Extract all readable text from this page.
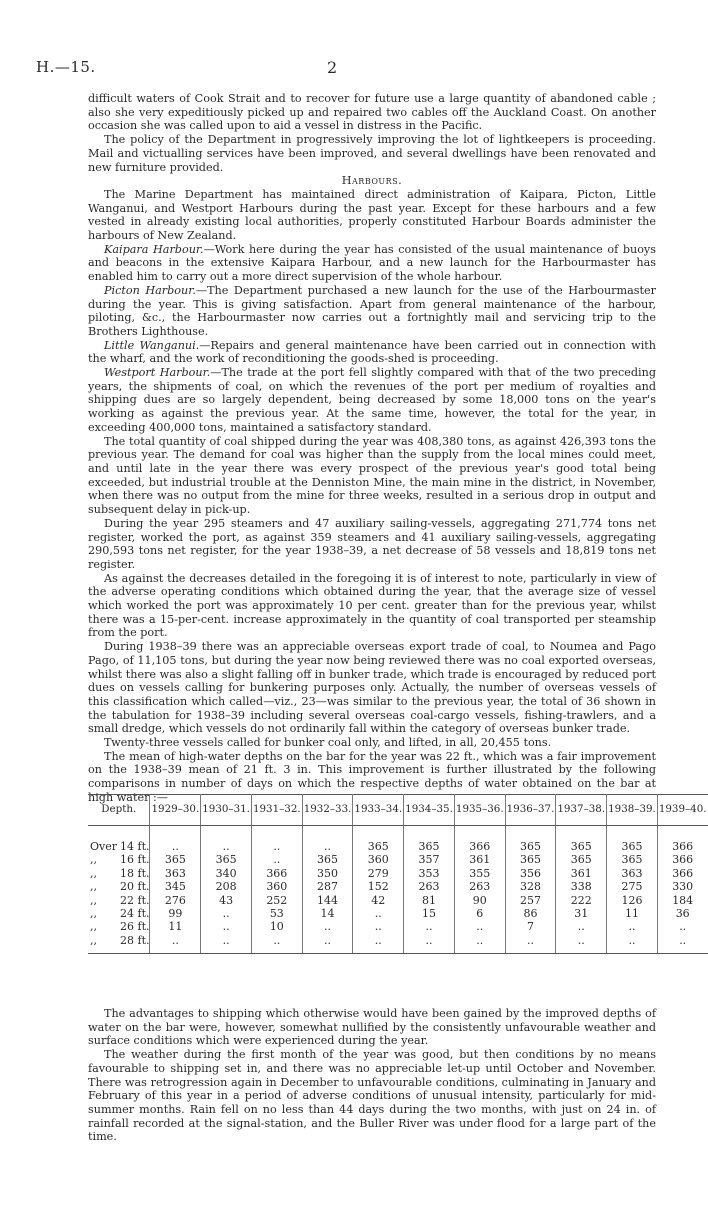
H.—15.	2

difficult waters of Cook Strait and to recover for future use a large quantity of abandoned cable ; also she very expeditiously picked up and repaired two cables off the Auckland Coast. On another occasion she was called upon to aid a vessel in distress in the Pacific.

The policy of the Department in progressively improving the lot of lightkeepers is proceeding. Mail and victualling services have been improved, and several dwellings have been renovated and new furniture provided.

Harbours.

The Marine Department has maintained direct administration of Kaipara, Picton, Little Wanganui, and Westport Harbours during the past year. Except for these harbours and a few vested in already existing local authorities, properly constituted Harbour Boards administer the harbours of New Zealand.

Kaipara Harbour.—Work here during the year has consisted of the usual maintenance of buoys and beacons in the extensive Kaipara Harbour, and a new launch for the Harbourmaster has enabled him to carry out a more direct supervision of the whole harbour.

Picton Harbour.—The Department purchased a new launch for the use of the Harbourmaster during the year. This is giving satisfaction. Apart from general maintenance of the harbour, piloting, &c., the Harbourmaster now carries out a fortnightly mail and servicing trip to the Brothers Lighthouse.

Little Wanganui.—Repairs and general maintenance have been carried out in connection with the wharf, and the work of reconditioning the goods-shed is proceeding.

Westport Harbour.—The trade at the port fell slightly compared with that of the two preceding years, the shipments of coal, on which the revenues of the port per medium of royalties and shipping dues are so largely dependent, being decreased by some 18,000 tons on the year's working as against the previous year. At the same time, however, the total for the year, in exceeding 400,000 tons, maintained a satisfactory standard.

The total quantity of coal shipped during the year was 408,380 tons, as against 426,393 tons the previous year. The demand for coal was higher than the supply from the local mines could meet, and until late in the year there was every prospect of the previous year's good total being exceeded, but industrial trouble at the Denniston Mine, the main mine in the district, in November, when there was no output from the mine for three weeks, resulted in a serious drop in output and subsequent delay in pick-up.

During the year 295 steamers and 47 auxiliary sailing-vessels, aggregating 271,774 tons net register, worked the port, as against 359 steamers and 41 auxiliary sailing-vessels, aggregating 290,593 tons net register, for the year 1938–39, a net decrease of 58 vessels and 18,819 tons net register.

As against the decreases detailed in the foregoing it is of interest to note, particularly in view of the adverse operating conditions which obtained during the year, that the average size of vessel which worked the port was approximately 10 per cent. greater than for the previous year, whilst there was a 15-per-cent. increase approximately in the quantity of coal transported per steamship from the port.

During 1938–39 there was an appreciable overseas export trade of coal, to Noumea and Pago Pago, of 11,105 tons, but during the year now being reviewed there was no coal exported overseas, whilst there was also a slight falling off in bunker trade, which trade is encouraged by reduced port dues on vessels calling for bunkering purposes only. Actually, the number of overseas vessels of this classification which called—viz., 23—was similar to the previous year, the total of 36 shown in the tabulation for 1938–39 including several overseas coal-cargo vessels, fishing-trawlers, and a small dredge, which vessels do not ordinarily fall within the category of overseas bunker trade.

Twenty-three vessels called for bunker coal only, and lifted, in all, 20,455 tons.

The mean of high-water depths on the bar for the year was 22 ft., which was a fair improvement on the 1938–39 mean of 21 ft. 3 in. This improvement is further illustrated by the following comparisons in number of days on which the respective depths of water obtained on the bar at high water :—

Depth.	1929–30.	1930–31.	1931–32.	1932–33.	1933–34.	1934–35.	1935–36.	1936–37.	1937–38.	1938–39.	1939–40.

Over 14 ft.	..	..	..	..	365	365	366	365	365	365	366
,, 16 ft.	365	365	..	365	360	357	361	365	365	365	366
,, 18 ft.	363	340	366	350	279	353	355	356	361	363	366
,, 20 ft.	345	208	360	287	152	263	263	328	338	275	330
,, 22 ft.	276	43	252	144	42	81	90	257	222	126	184
,, 24 ft.	99	..	53	14	..	15	6	86	31	11	36
,, 26 ft.	11	..	10	..	..	..	..	7	..	..	..
,, 28 ft.	..	..	..	..	..	..	..	..	..	..	..

The advantages to shipping which otherwise would have been gained by the improved depths of water on the bar were, however, somewhat nullified by the consistently unfavourable weather and surface conditions which were experienced during the year.

The weather during the first month of the year was good, but then conditions by no means favourable to shipping set in, and there was no appreciable let-up until October and November. There was retrogression again in December to unfavourable conditions, culminating in January and February of this year in a period of adverse conditions of unusual intensity, particularly for mid-summer months. Rain fell on no less than 44 days during the two months, with just on 24 in. of rainfall recorded at the signal-station, and the Buller River was under flood for a large part of the time.
